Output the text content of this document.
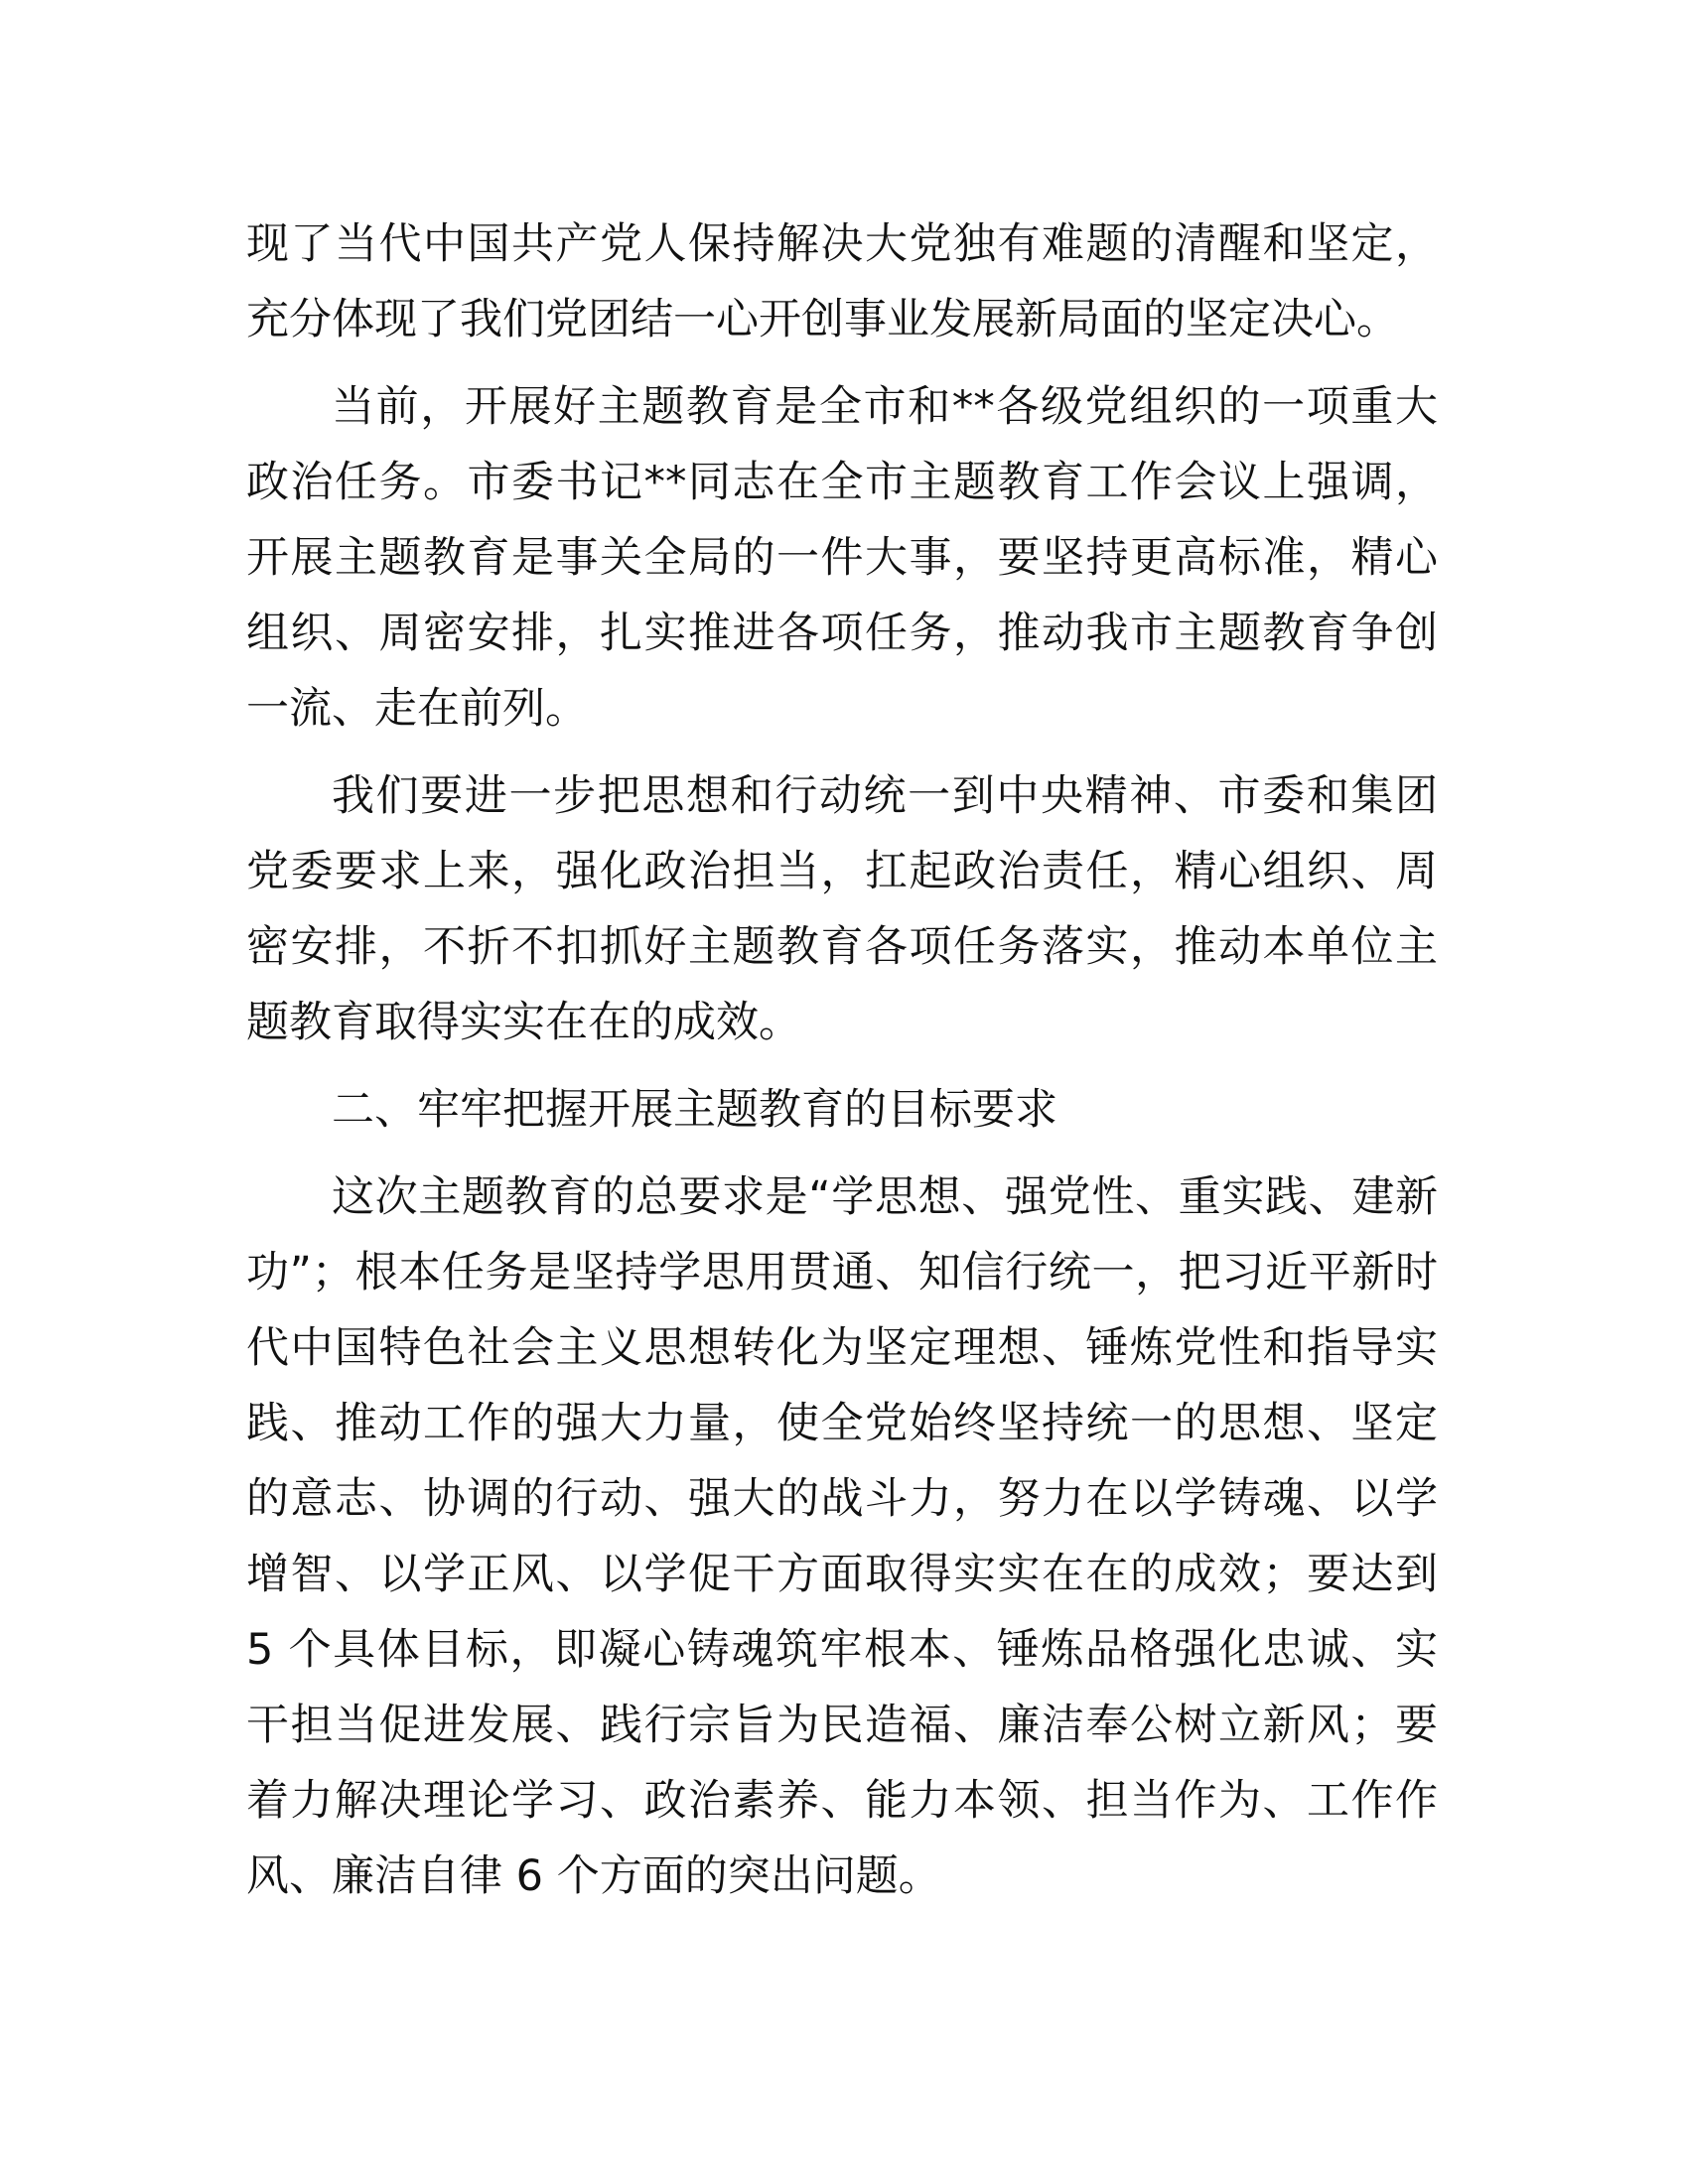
现了当代中国共产党人保持解决大党独有难题的清醒和坚定，充分体现了我们党团结一心开创事业发展新局面的坚定决心。

当前，开展好主题教育是全市和**各级党组织的一项重大政治任务。市委书记**同志在全市主题教育工作会议上强调，开展主题教育是事关全局的一件大事，要坚持更高标准，精心组织、周密安排，扎实推进各项任务，推动我市主题教育争创一流、走在前列。

我们要进一步把思想和行动统一到中央精神、市委和集团党委要求上来，强化政治担当，扛起政治责任，精心组织、周密安排，不折不扣抓好主题教育各项任务落实，推动本单位主题教育取得实实在在的成效。

二、牢牢把握开展主题教育的目标要求

这次主题教育的总要求是“学思想、强党性、重实践、建新功”；根本任务是坚持学思用贯通、知信行统一，把习近平新时代中国特色社会主义思想转化为坚定理想、锤炼党性和指导实践、推动工作的强大力量，使全党始终坚持统一的思想、坚定的意志、协调的行动、强大的战斗力，努力在以学铸魂、以学增智、以学正风、以学促干方面取得实实在在的成效；要达到 5 个具体目标，即凝心铸魂筑牢根本、锤炼品格强化忠诚、实干担当促进发展、践行宗旨为民造福、廉洁奉公树立新风；要着力解决理论学习、政治素养、能力本领、担当作为、工作作风、廉洁自律 6 个方面的突出问题。
